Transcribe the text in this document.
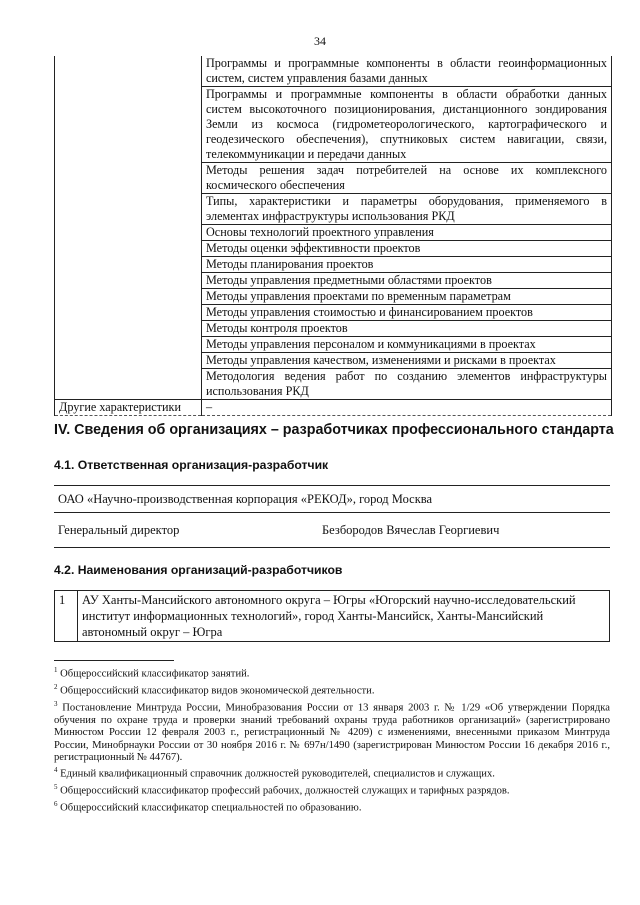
34
	Программы и программные компоненты в области геоинформационных систем, систем управления базами данных
	Программы и программные компоненты в области обработки данных систем высокоточного позиционирования, дистанционного зондирования Земли из космоса (гидрометеорологического, картографического и геодезического обеспечения), спутниковых систем навигации, связи, телекоммуникации и передачи данных
	Методы решения задач потребителей на основе их комплексного космического обеспечения
	Типы, характеристики и параметры оборудования, применяемого в элементах инфраструктуры использования РКД
	Основы технологий проектного управления
	Методы оценки эффективности проектов
	Методы планирования проектов
	Методы управления предметными областями проектов
	Методы управления проектами по временным параметрам
	Методы управления стоимостью и финансированием проектов
	Методы контроля проектов
	Методы управления персоналом и коммуникациями в проектах
	Методы управления качеством, изменениями и рисками в проектах
	Методология ведения работ по созданию элементов инфраструктуры использования РКД
Другие характеристики	–
IV. Сведения об организациях – разработчиках профессионального стандарта
4.1. Ответственная организация-разработчик
ОАО «Научно-производственная корпорация «РЕКОД», город Москва
Генеральный директор	Безбородов Вячеслав Георгиевич
4.2. Наименования организаций-разработчиков
1	АУ Ханты-Мансийского автономного округа – Югры «Югорский научно-исследовательский институт информационных технологий», город Ханты-Мансийск, Ханты-Мансийский автономный округ – Югра

$^1$ Общероссийский классификатор занятий.

$^2$ Общероссийский классификатор видов экономической деятельности.

$^3$ Постановление Минтруда России, Минобразования России от 13 января 2003 г. № 1/29 «Об утверждении Порядка обучения по охране труда и проверки знаний требований охраны труда работников организаций» (зарегистрировано Минюстом России 12 февраля 2003 г., регистрационный № 4209) с изменениями, внесенными приказом Минтруда России, Минобрнауки России от 30 ноября 2016 г. № 697н/1490 (зарегистрирован Минюстом России 16 декабря 2016 г., регистрационный № 44767).

$^4$ Единый квалификационный справочник должностей руководителей, специалистов и служащих.

$^5$ Общероссийский классификатор профессий рабочих, должностей служащих и тарифных разрядов.

$^6$ Общероссийский классификатор специальностей по образованию.
